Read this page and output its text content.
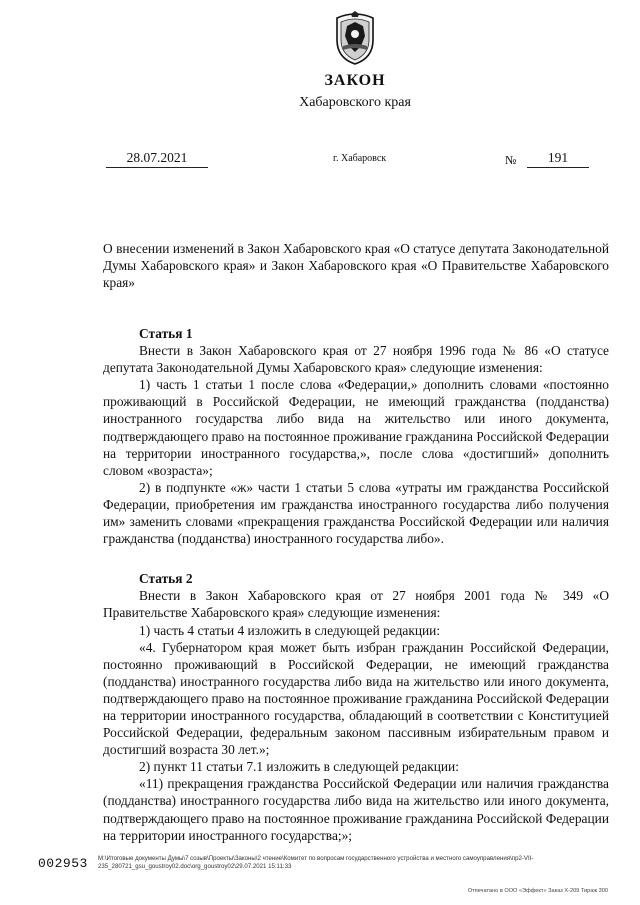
ЗАКОН
Хабаровского края
28.07.2021	г. Хабаровск	№	191
О внесении изменений в Закон Хабаровского края «О статусе депутата Законодательной Думы Хабаровского края» и Закон Хабаровского края «О Правительстве Хабаровского края»

Статья 1

Внести в Закон Хабаровского края от 27 ноября 1996 года № 86 «О статусе депутата Законодательной Думы Хабаровского края» следующие изменения:

1) часть 1 статьи 1 после слова «Федерации,» дополнить словами «постоянно проживающий в Российской Федерации, не имеющий гражданства (подданства) иностранного государства либо вида на жительство или иного документа, подтверждающего право на постоянное проживание гражданина Российской Федерации на территории иностранного государства,», после слова «достигший» дополнить словом «возраста»;

2) в подпункте «ж» части 1 статьи 5 слова «утраты им гражданства Российской Федерации, приобретения им гражданства иностранного государства либо получения им» заменить словами «прекращения гражданства Российской Федерации или наличия гражданства (подданства) иностранного государства либо».

Статья 2

Внести в Закон Хабаровского края от 27 ноября 2001 года № 349 «О Правительстве Хабаровского края» следующие изменения:

1) часть 4 статьи 4 изложить в следующей редакции:

«4. Губернатором края может быть избран гражданин Российской Федерации, постоянно проживающий в Российской Федерации, не имеющий гражданства (подданства) иностранного государства либо вида на жительство или иного документа, подтверждающего право на постоянное проживание гражданина Российской Федерации на территории иностранного государства, обладающий в соответствии с Конституцией Российской Федерации, федеральным законом пассивным избирательным правом и достигший возраста 30 лет.»;

2) пункт 11 статьи 7.1 изложить в следующей редакции:

«11) прекращения гражданства Российской Федерации или наличия гражданства (подданства) иностранного государства либо вида на жительство или иного документа, подтверждающего право на постоянное проживание гражданина Российской Федерации на территории иностранного государства;»;

002953 M:\Итоговые документы Думы\7 созыв\Проекты\Законы\2 чтение\Комитет по вопросам государственного устройства и местного самоуправления\пр2-VII-235_280721_gsu_goustroy02.doc\org_goustroy02\29.07.2021 15:11:33
Отпечатано в ООО «Эффект» Заказ Х-209 Тираж 300
